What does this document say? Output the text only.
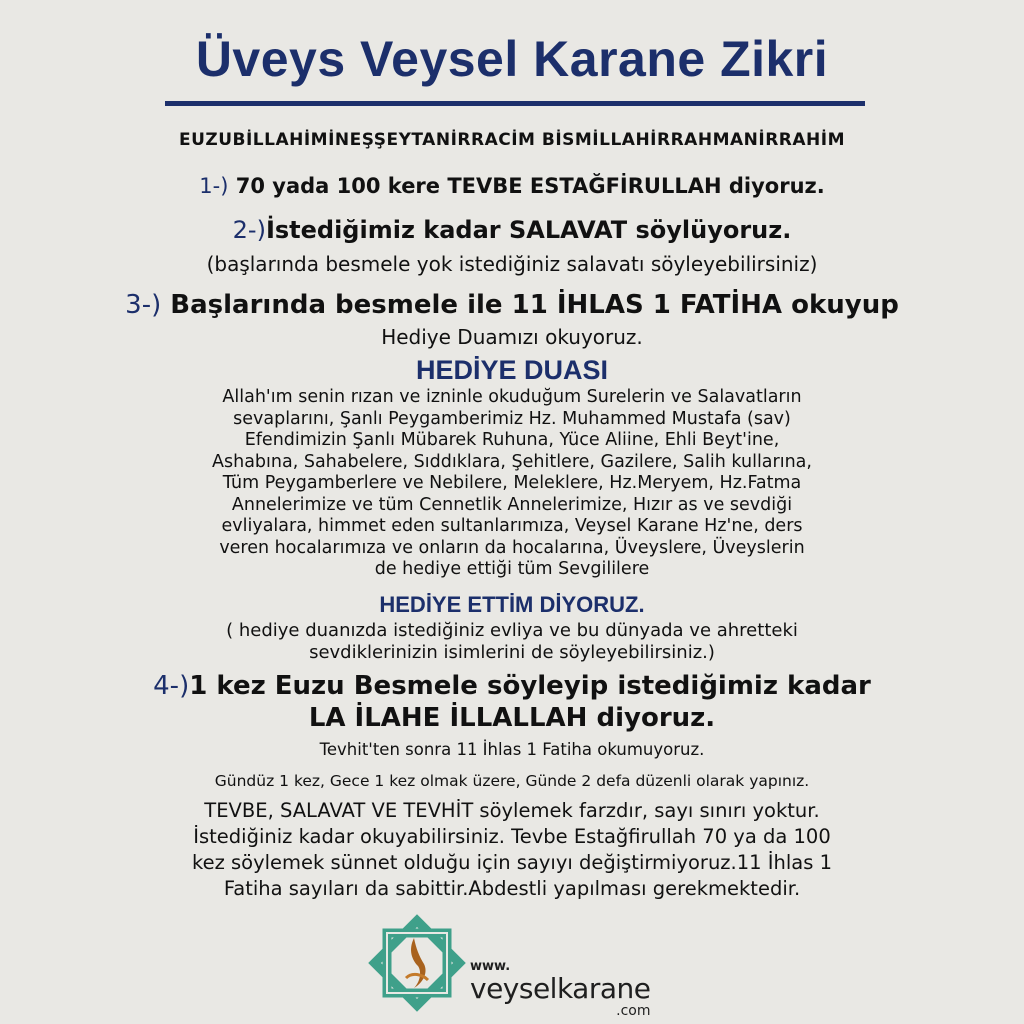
Üveys Veysel Karane Zikri
EUZUBİLLAHİMİNEŞŞEYTANİRRACİM BİSMİLLAHİRRAHMANİRRAHİM
1-) 70 yada 100 kere TEVBE ESTAĞFİRULLAH diyoruz.
2-)İstediğimiz kadar SALAVAT söylüyoruz.
(başlarında besmele yok istediğiniz salavatı söyleyebilirsiniz)
3-) Başlarında besmele ile 11 İHLAS 1 FATİHA okuyup
Hediye Duamızı okuyoruz.
HEDİYE DUASI
Allah'ım senin rızan ve izninle okuduğum Surelerin ve Salavatların
sevaplarını, Şanlı Peygamberimiz Hz. Muhammed Mustafa (sav)
Efendimizin Şanlı Mübarek Ruhuna, Yüce Aliine, Ehli Beyt'ine,
Ashabına, Sahabelere, Sıddıklara, Şehitlere, Gazilere, Salih kullarına,
Tüm Peygamberlere ve Nebilere, Meleklere, Hz.Meryem, Hz.Fatma
Annelerimize ve tüm Cennetlik Annelerimize, Hızır as ve sevdiği
evliyalara, himmet eden sultanlarımıza, Veysel Karane Hz'ne, ders
veren hocalarımıza ve onların da hocalarına, Üveyslere, Üveyslerin
de hediye ettiği tüm Sevgililere
HEDİYE ETTİM DİYORUZ.
( hediye duanızda istediğiniz evliya ve bu dünyada ve ahretteki
sevdiklerinizin isimlerini de söyleyebilirsiniz.)
4-)1 kez Euzu Besmele söyleyip istediğimiz kadar
LA İLAHE İLLALLAH diyoruz.
Tevhit'ten sonra 11 İhlas 1 Fatiha okumuyoruz.
Gündüz 1 kez, Gece 1 kez olmak üzere, Günde 2 defa düzenli olarak yapınız.
TEVBE, SALAVAT VE TEVHİT söylemek farzdır, sayı sınırı yoktur.
İstediğiniz kadar okuyabilirsiniz. Tevbe Estağfirullah 70 ya da 100
kez söylemek sünnet olduğu için sayıyı değiştirmiyoruz.11 İhlas 1
Fatiha sayıları da sabittir.Abdestli yapılması gerekmektedir.
www.
veyselkarane
.com
